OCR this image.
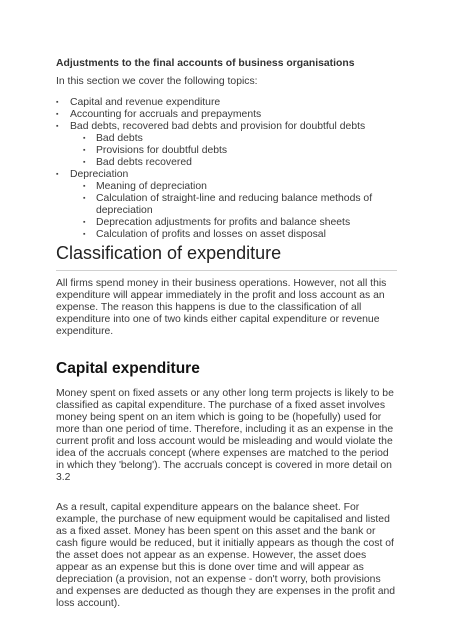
Adjustments to the final accounts of business organisations

In this section we cover the following topics:

▪ Capital and revenue expenditure
▪ Accounting for accruals and prepayments
▪ Bad debts, recovered bad debts and provision for doubtful debts
▪ Bad debts
▪ Provisions for doubtful debts
▪ Bad debts recovered
▪ Depreciation
▪ Meaning of depreciation
▪ Calculation of straight-line and reducing balance methods of depreciation
▪ Deprecation adjustments for profits and balance sheets
▪ Calculation of profits and losses on asset disposal
Classification of expenditure

All firms spend money in their business operations. However, not all this expenditure will appear immediately in the profit and loss account as an expense. The reason this happens is due to the classification of all expenditure into one of two kinds either capital expenditure or revenue expenditure.

Capital expenditure

Money spent on fixed assets or any other long term projects is likely to be classified as capital expenditure. The purchase of a fixed asset involves money being spent on an item which is going to be (hopefully) used for more than one period of time. Therefore, including it as an expense in the current profit and loss account would be misleading and would violate the idea of the accruals concept (where expenses are matched to the period in which they 'belong'). The accruals concept is covered in more detail on 3.2

As a result, capital expenditure appears on the balance sheet. For example, the purchase of new equipment would be capitalised and listed as a fixed asset. Money has been spent on this asset and the bank or cash figure would be reduced, but it initially appears as though the cost of the asset does not appear as an expense. However, the asset does appear as an expense but this is done over time and will appear as depreciation (a provision, not an expense - don't worry, both provisions and expenses are deducted as though they are expenses in the profit and loss account).
